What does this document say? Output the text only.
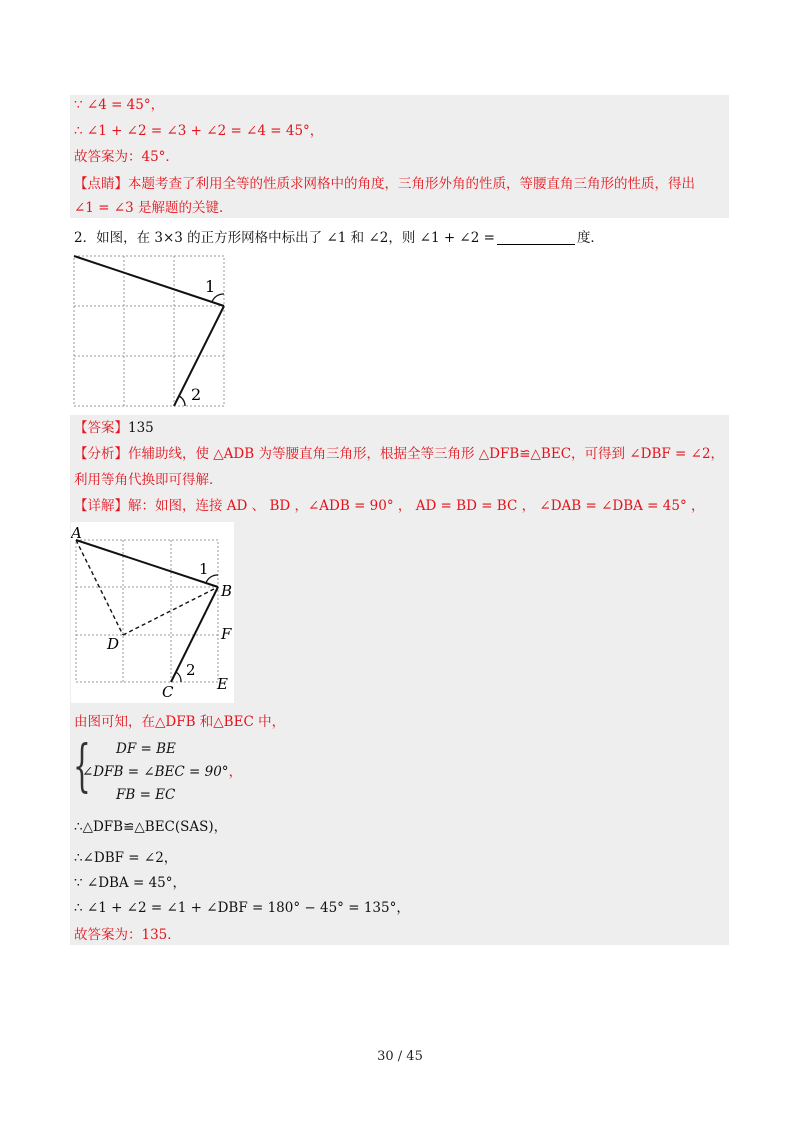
∵ ∠4 = 45°，
∴ ∠1 + ∠2 = ∠3 + ∠2 = ∠4 = 45°，
故答案为：45°．
【点睛】本题考查了利用全等的性质求网格中的角度，三角形外角的性质，等腰直角三角形的性质，得出
∠1 = ∠3 是解题的关键．
2．如图，在 3×3 的正方形网格中标出了 ∠1 和 ∠2，则 ∠1 + ∠2 =	度．
1
2
【答案】135
【分析】作辅助线，使 △ADB 为等腰直角三角形，根据全等三角形 △DFB≌△BEC，可得到 ∠DBF = ∠2，
利用等角代换即可得解．
【详解】解：如图，连接 AD 、 BD ，∠ADB = 90° ， AD = BD = BC ， ∠DAB = ∠DBA = 45° ，
A
B
C
D
E
F
1
2
由图可知，在△DFB 和△BEC 中，
{ DF = BE
∠DFB = ∠BEC = 90°，
FB = EC
∴△DFB≌△BEC(SAS)，
∴∠DBF = ∠2，
∵ ∠DBA = 45°，
∴ ∠1 + ∠2 = ∠1 + ∠DBF = 180° − 45° = 135°，
故答案为：135．
30 / 45
